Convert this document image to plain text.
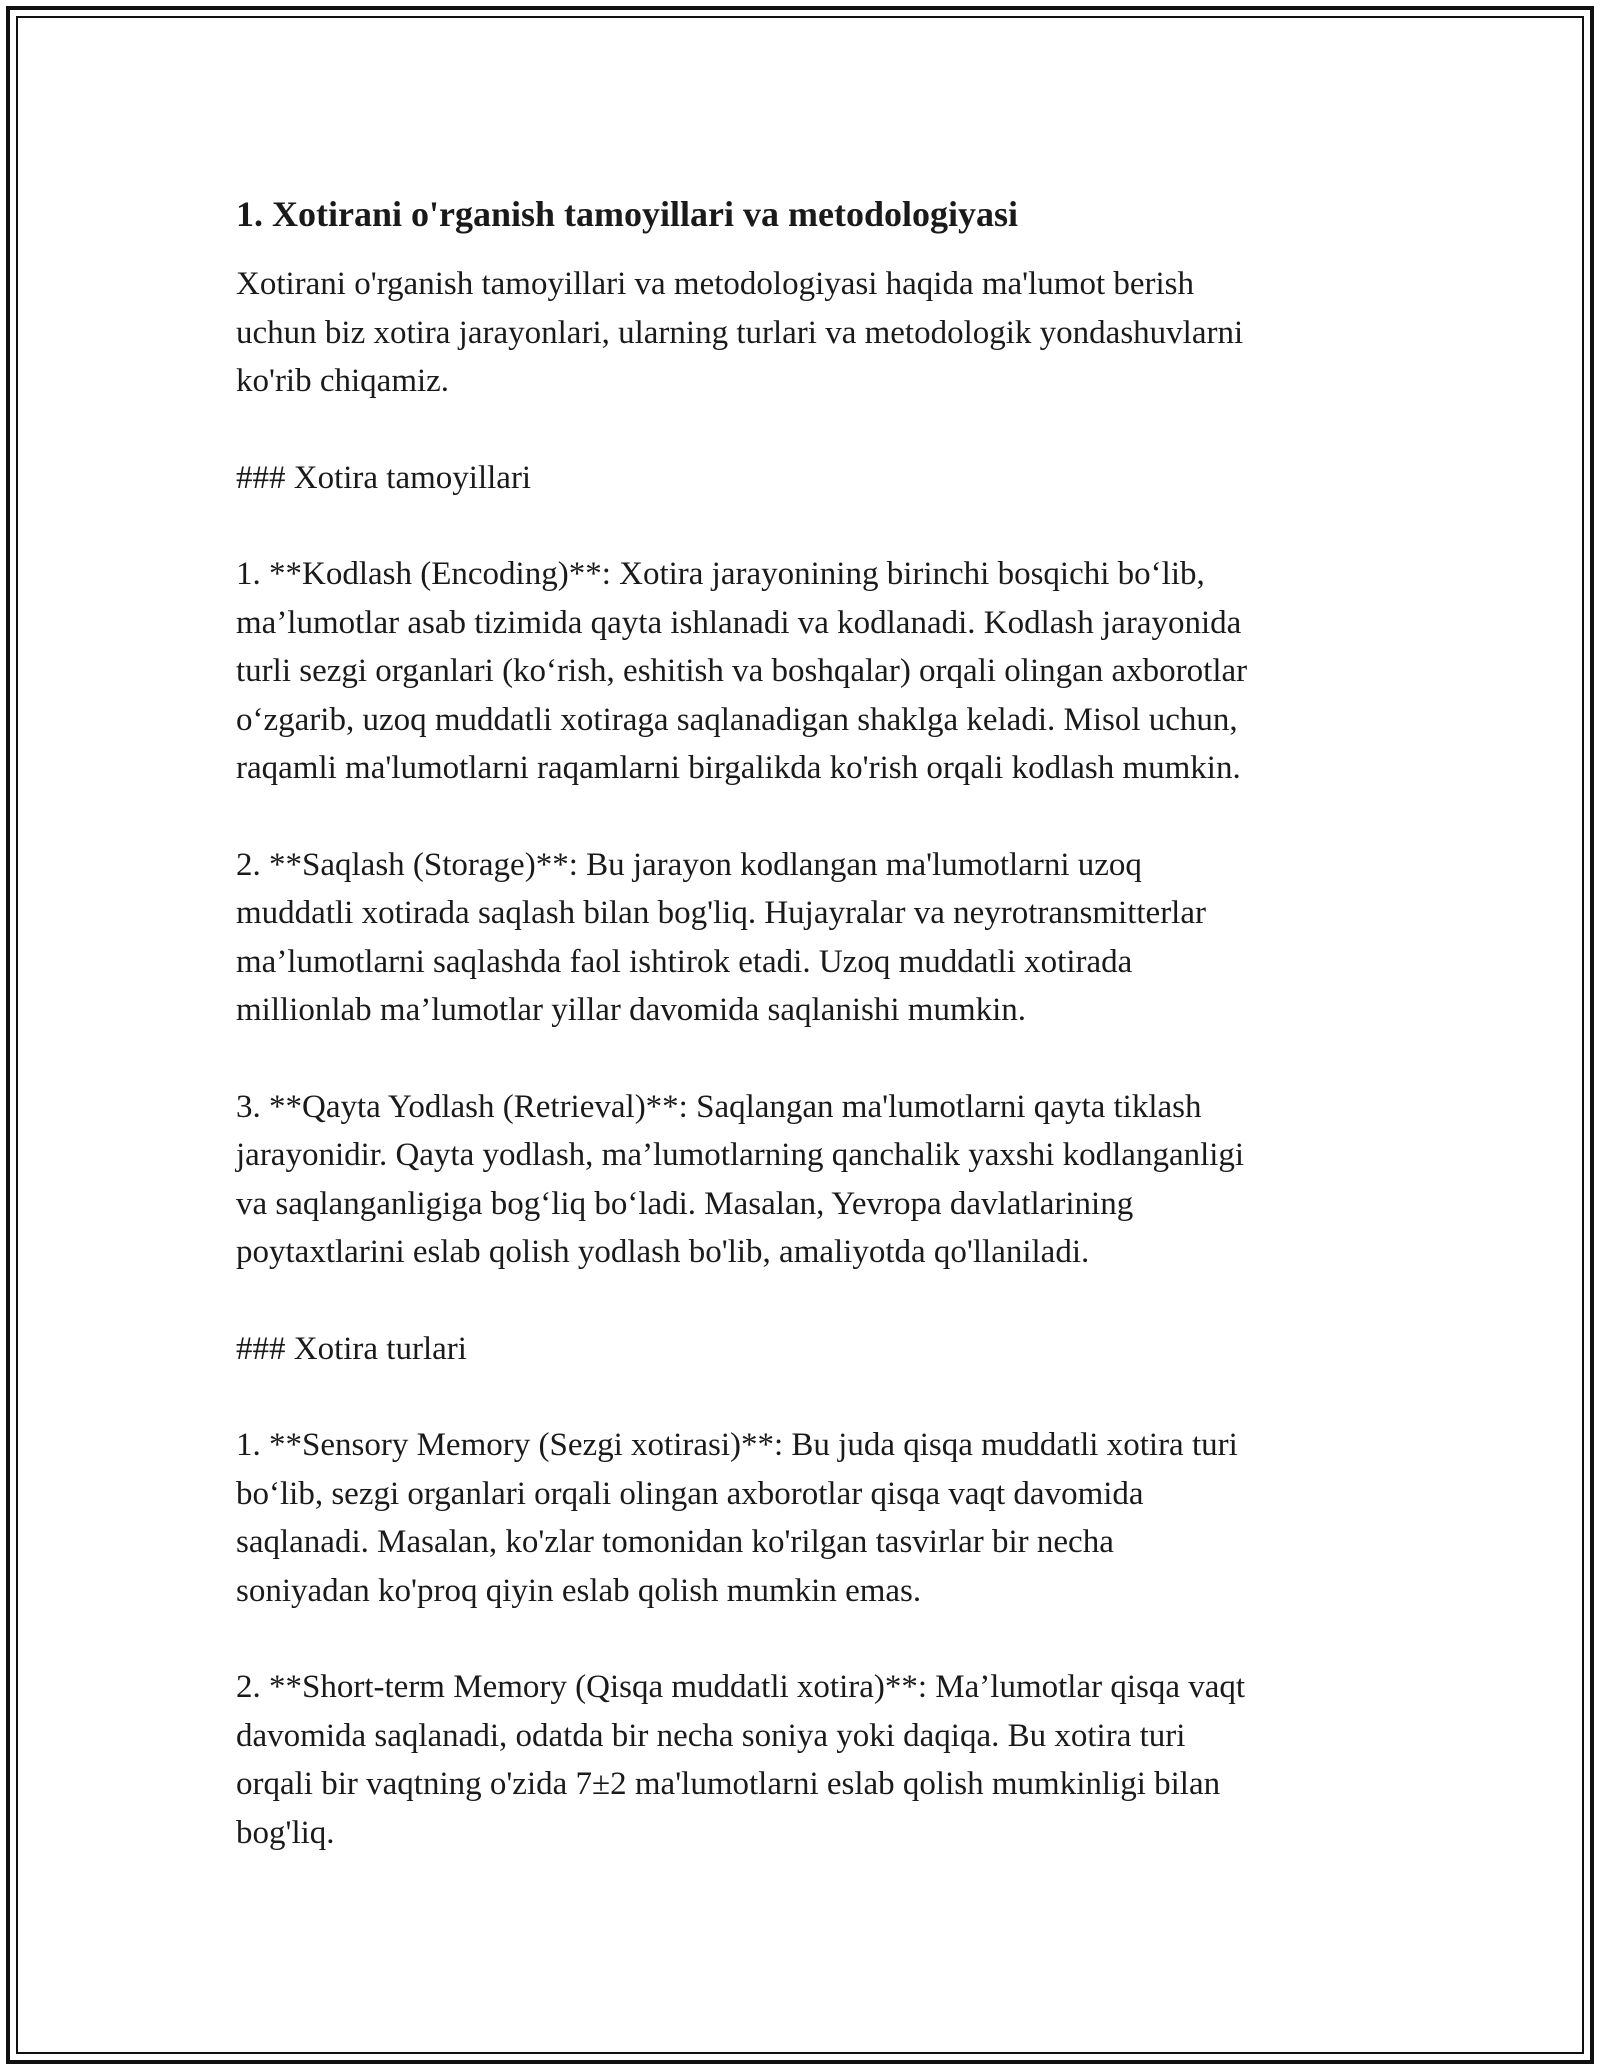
1. Xotirani o'rganish tamoyillari va metodologiyasi

Xotirani o'rganish tamoyillari va metodologiyasi haqida ma'lumot berish
uchun biz xotira jarayonlari, ularning turlari va metodologik yondashuvlarni
ko'rib chiqamiz.

### Xotira tamoyillari

1. **Kodlash (Encoding)**: Xotira jarayonining birinchi bosqichi bo‘lib,
ma’lumotlar asab tizimida qayta ishlanadi va kodlanadi. Kodlash jarayonida
turli sezgi organlari (ko‘rish, eshitish va boshqalar) orqali olingan axborotlar
o‘zgarib, uzoq muddatli xotiraga saqlanadigan shaklga keladi. Misol uchun,
raqamli ma'lumotlarni raqamlarni birgalikda ko'rish orqali kodlash mumkin.

2. **Saqlash (Storage)**: Bu jarayon kodlangan ma'lumotlarni uzoq
muddatli xotirada saqlash bilan bog'liq. Hujayralar va neyrotransmitterlar
ma’lumotlarni saqlashda faol ishtirok etadi. Uzoq muddatli xotirada
millionlab ma’lumotlar yillar davomida saqlanishi mumkin.

3. **Qayta Yodlash (Retrieval)**: Saqlangan ma'lumotlarni qayta tiklash
jarayonidir. Qayta yodlash, ma’lumotlarning qanchalik yaxshi kodlanganligi
va saqlanganligiga bog‘liq bo‘ladi. Masalan, Yevropa davlatlarining
poytaxtlarini eslab qolish yodlash bo'lib, amaliyotda qo'llaniladi.

### Xotira turlari

1. **Sensory Memory (Sezgi xotirasi)**: Bu juda qisqa muddatli xotira turi
bo‘lib, sezgi organlari orqali olingan axborotlar qisqa vaqt davomida
saqlanadi. Masalan, ko'zlar tomonidan ko'rilgan tasvirlar bir necha
soniyadan ko'proq qiyin eslab qolish mumkin emas.

2. **Short-term Memory (Qisqa muddatli xotira)**: Ma’lumotlar qisqa vaqt
davomida saqlanadi, odatda bir necha soniya yoki daqiqa. Bu xotira turi
orqali bir vaqtning o'zida 7±2 ma'lumotlarni eslab qolish mumkinligi bilan
bog'liq.
